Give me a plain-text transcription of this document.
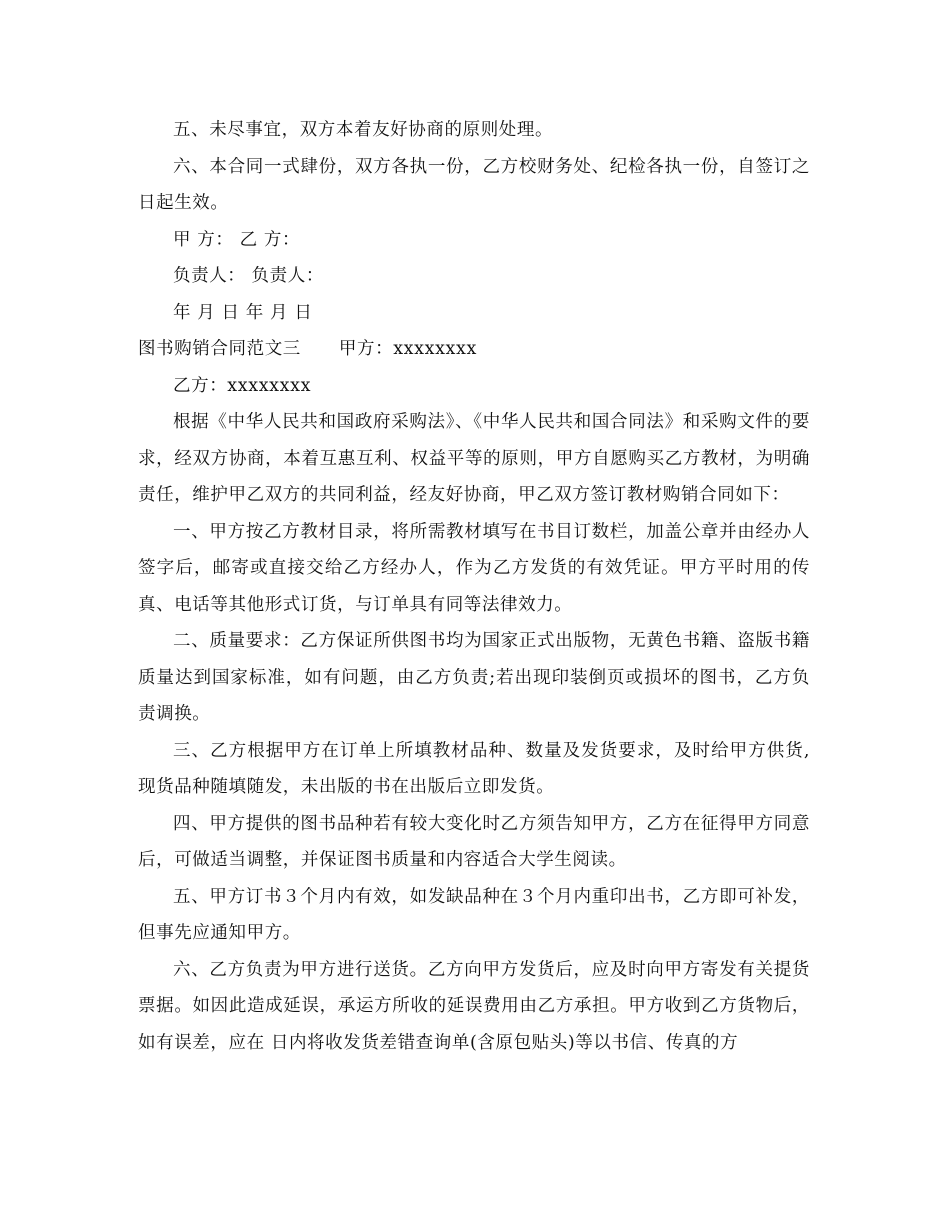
五、未尽事宜，双方本着友好协商的原则处理。

六、本合同一式肆份，双方各执一份，乙方校财务处、纪检各执一份，自签订之日起生效。

甲 方： 乙 方：

负责人： 负责人：

年 月 日 年 月 日

图书购销合同范文三 甲方：xxxxxxxx

乙方：xxxxxxxx

根据《中华人民共和国政府采购法》、《中华人民共和国合同法》和采购文件的要求，经双方协商，本着互惠互利、权益平等的原则，甲方自愿购买乙方教材，为明确责任，维护甲乙双方的共同利益，经友好协商，甲乙双方签订教材购销合同如下：

一、甲方按乙方教材目录，将所需教材填写在书目订数栏，加盖公章并由经办人签字后，邮寄或直接交给乙方经办人，作为乙方发货的有效凭证。甲方平时用的传真、电话等其他形式订货，与订单具有同等法律效力。

二、质量要求：乙方保证所供图书均为国家正式出版物，无黄色书籍、盗版书籍质量达到国家标准，如有问题，由乙方负责;若出现印装倒页或损坏的图书，乙方负责调换。

三、乙方根据甲方在订单上所填教材品种、数量及发货要求，及时给甲方供货,现货品种随填随发，未出版的书在出版后立即发货。

四、甲方提供的图书品种若有较大变化时乙方须告知甲方，乙方在征得甲方同意后，可做适当调整，并保证图书质量和内容适合大学生阅读。

五、甲方订书３个月内有效，如发缺品种在３个月内重印出书，乙方即可补发，但事先应通知甲方。

六、乙方负责为甲方进行送货。乙方向甲方发货后，应及时向甲方寄发有关提货票据。如因此造成延误，承运方所收的延误费用由乙方承担。甲方收到乙方货物后，如有误差，应在 日内将收发货差错查询单(含原包贴头)等以书信、传真的方
